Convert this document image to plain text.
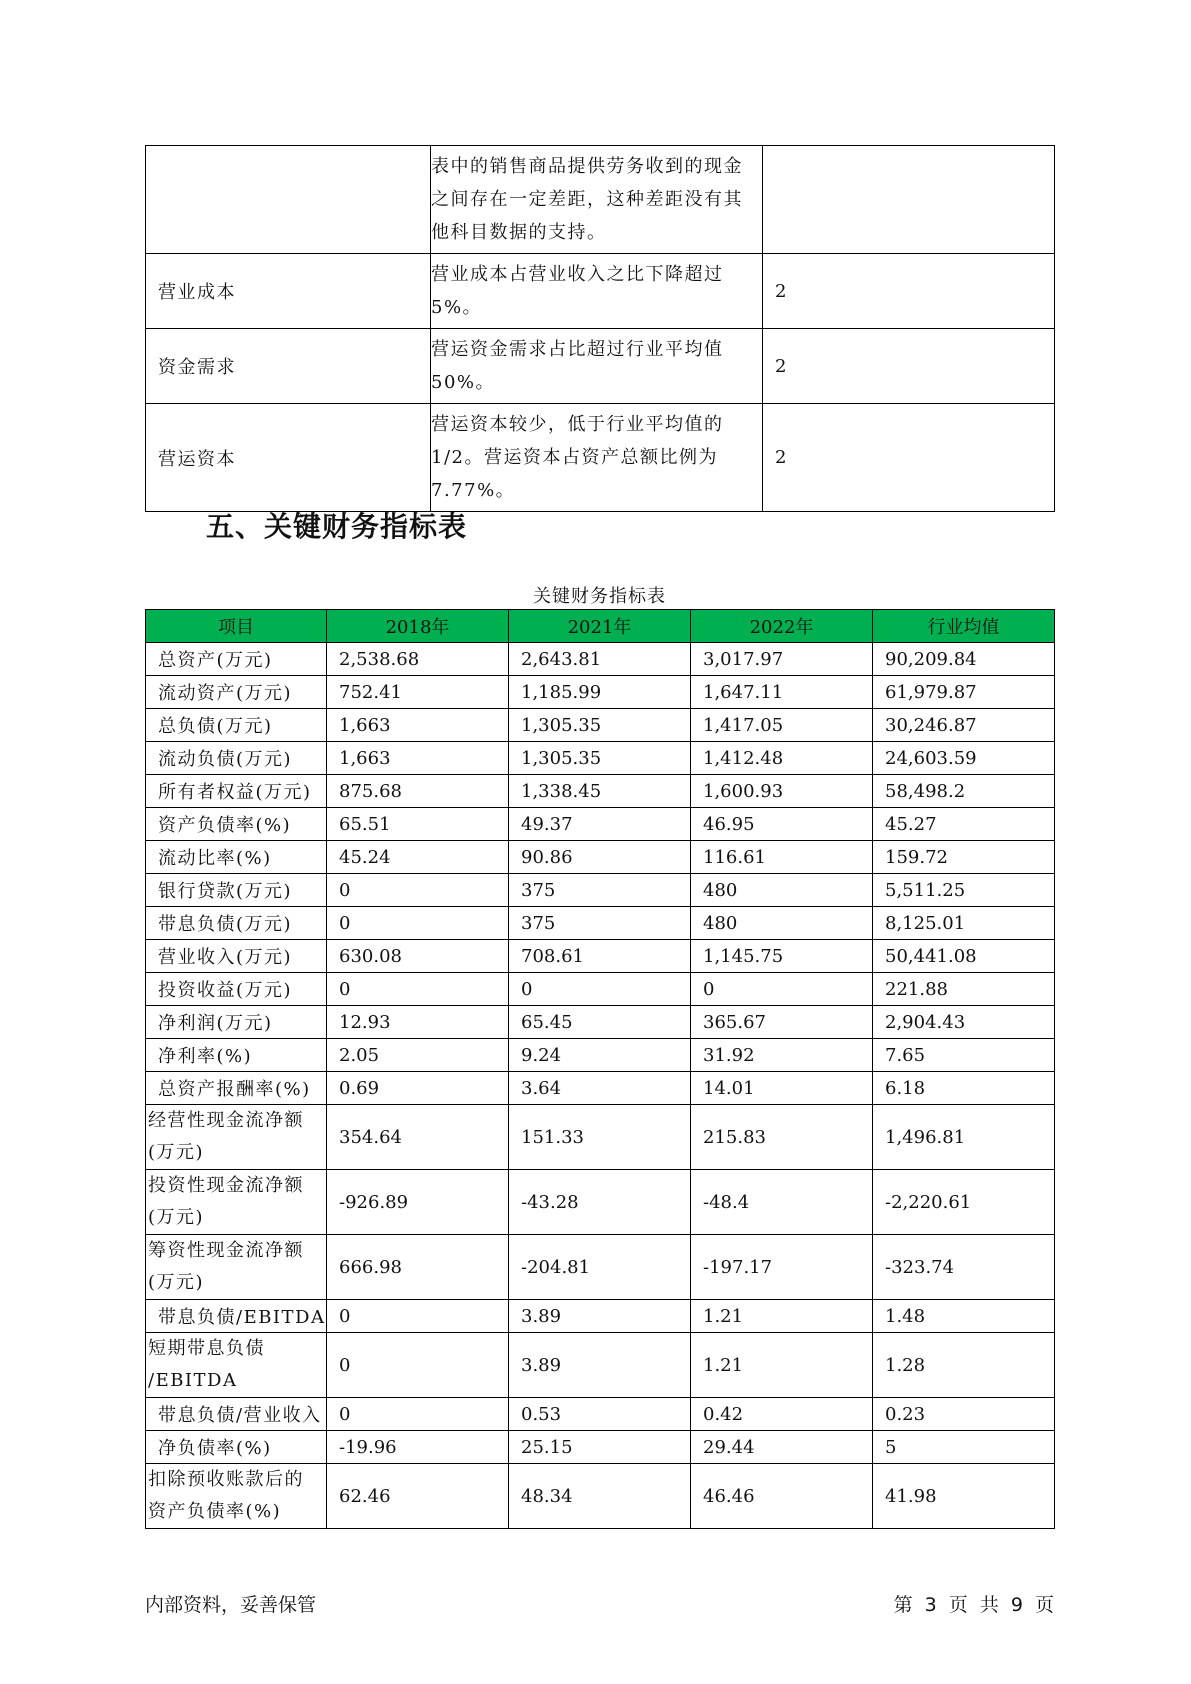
	表中的销售商品提供劳务收到的现金之间存在一定差距，这种差距没有其他科目数据的支持。	
营业成本	营业成本占营业收入之比下降超过5%。	2
资金需求	营运资金需求占比超过行业平均值50%。	2
营运资本	营运资本较少，低于行业平均值的1/2。营运资本占资产总额比例为7.77%。	2
五、关键财务指标表
关键财务指标表
项目	2018年	2021年	2022年	行业均值
总资产(万元)	2,538.68	2,643.81	3,017.97	90,209.84
流动资产(万元)	752.41	1,185.99	1,647.11	61,979.87
总负债(万元)	1,663	1,305.35	1,417.05	30,246.87
流动负债(万元)	1,663	1,305.35	1,412.48	24,603.59
所有者权益(万元)	875.68	1,338.45	1,600.93	58,498.2
资产负债率(%)	65.51	49.37	46.95	45.27
流动比率(%)	45.24	90.86	116.61	159.72
银行贷款(万元)	0	375	480	5,511.25
带息负债(万元)	0	375	480	8,125.01
营业收入(万元)	630.08	708.61	1,145.75	50,441.08
投资收益(万元)	0	0	0	221.88
净利润(万元)	12.93	65.45	365.67	2,904.43
净利率(%)	2.05	9.24	31.92	7.65
总资产报酬率(%)	0.69	3.64	14.01	6.18

经营性现金流净额
(万元)	354.64	151.33	215.83	1,496.81

投资性现金流净额
(万元)	-926.89	-43.28	-48.4	-2,220.61

筹资性现金流净额
(万元)	666.98	-204.81	-197.17	-323.74
带息负债/EBITDA	0	3.89	1.21	1.48

短期带息负债
/EBITDA	0	3.89	1.21	1.28
带息负债/营业收入	0	0.53	0.42	0.23
净负债率(%)	-19.96	25.15	29.44	5

扣除预收账款后的
资产负债率(%)	62.46	48.34	46.46	41.98
内部资料，妥善保管	第 3 页 共 9 页
